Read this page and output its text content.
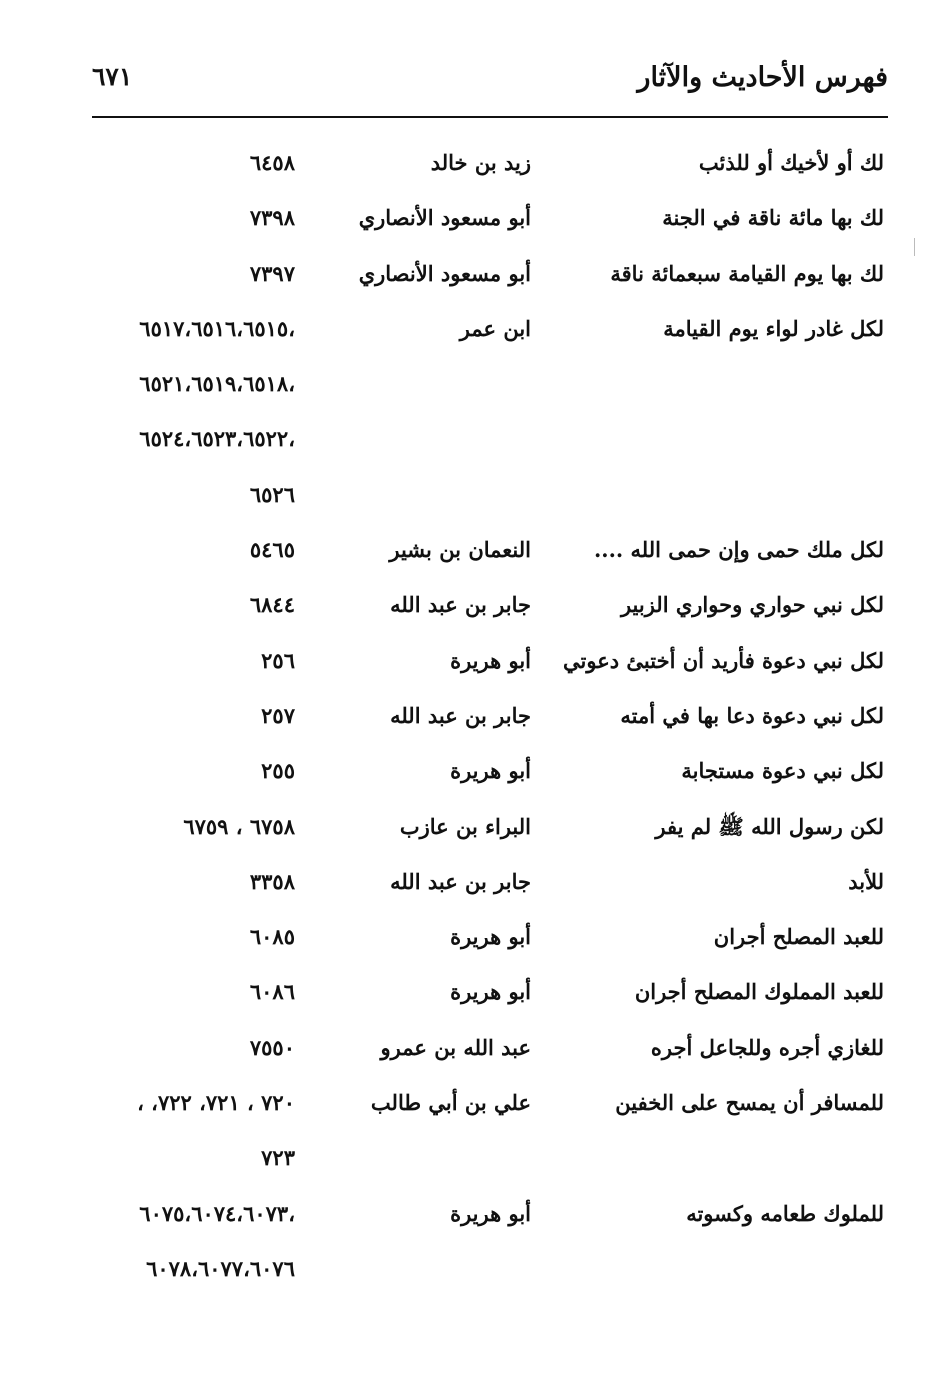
فهرس الأحاديث والآثار
٦٧١
لك أو لأخيك أو للذئب
زيد بن خالد
٦٤٥٨
لك بها مائة ناقة في الجنة
أبو مسعود الأنصاري
٧٣٩٨
لك بها يوم القيامة سبعمائة ناقة
أبو مسعود الأنصاري
٧٣٩٧
لكل غادر لواء يوم القيامة
ابن عمر
،٦٥١٧،٦٥١٦،٦٥١٥
،٦٥٢١،٦٥١٩،٦٥١٨
،٦٥٢٤،٦٥٢٣،٦٥٢٢
٦٥٢٦
لكل ملك حمى وإن حمى الله ....
النعمان بن بشير
٥٤٦٥
لكل نبي حواري وحواري الزبير
جابر بن عبد الله
٦٨٤٤
لكل نبي دعوة فأريد أن أختبئ دعوتي
أبو هريرة
٢٥٦
لكل نبي دعوة دعا بها في أمته
جابر بن عبد الله
٢٥٧
لكل نبي دعوة مستجابة
أبو هريرة
٢٥٥
لكن رسول الله ﷺ لم يفر
البراء بن عازب
٦٧٥٨ ، ٦٧٥٩
للأبد
جابر بن عبد الله
٣٣٥٨
للعبد المصلح أجران
أبو هريرة
٦٠٨٥
للعبد المملوك المصلح أجران
أبو هريرة
٦٠٨٦
للغازي أجره وللجاعل أجره
عبد الله بن عمرو
٧٥٥٠
للمسافر أن يمسح على الخفين
علي بن أبي طالب
٧٢٠ ، ٧٢١، ٧٢٢، ،
٧٢٣
للملوك طعامه وكسوته
أبو هريرة
،٦٠٧٥،٦٠٧٤،٦٠٧٣
٦٠٧٨،٦٠٧٧،٦٠٧٦
